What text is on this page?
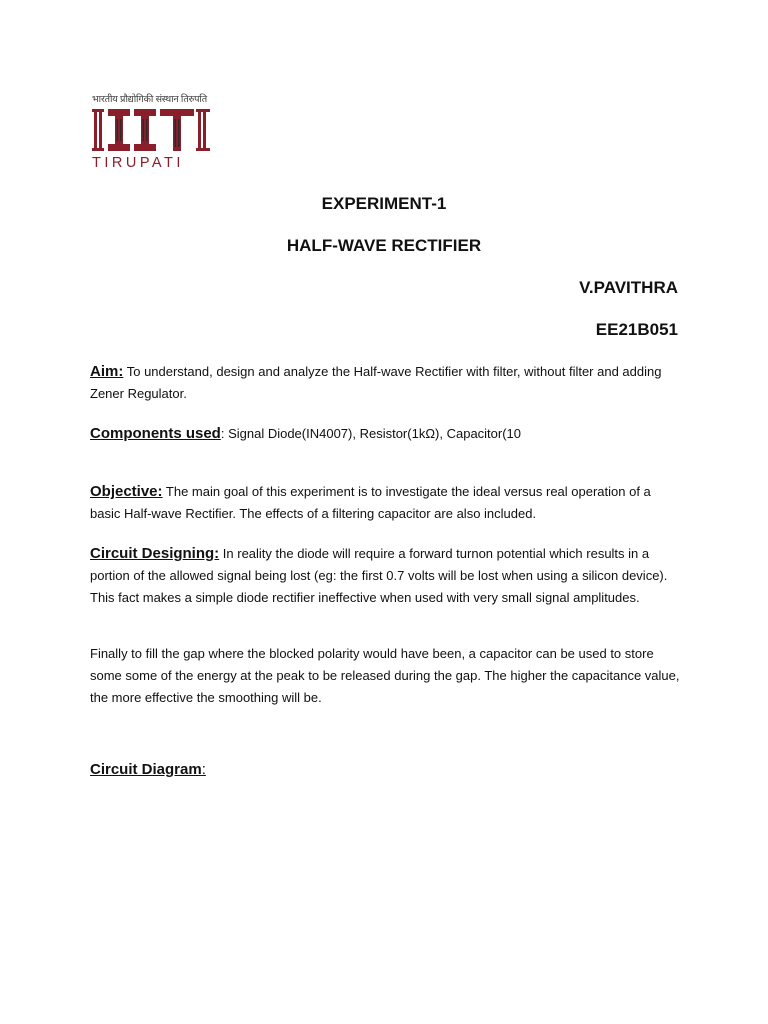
भारतीय प्रौद्योगिकी संस्थान तिरुपति
TIRUPATI
EXPERIMENT-1
HALF-WAVE RECTIFIER
V.PAVITHRA
EE21B051
Aim: To understand, design and analyze the Half-wave Rectifier with filter, without filter and adding Zener Regulator.
Components used: Signal Diode(IN4007), Resistor(1kΩ), Capacitor(10
Objective: The main goal of this experiment is to investigate the ideal versus real operation of a basic Half-wave Rectifier. The effects of a filtering capacitor are also included.
Circuit Designing: In reality the diode will require a forward turnon potential which results in a portion of the allowed signal being lost (eg: the first 0.7 volts will be lost when using a silicon device). This fact makes a simple diode rectifier ineffective when used with very small signal amplitudes.
Finally to fill the gap where the blocked polarity would have been, a capacitor can be used to store some some of the energy at the peak to be released during the gap. The higher the capacitance value, the more effective the smoothing will be.
Circuit Diagram:
